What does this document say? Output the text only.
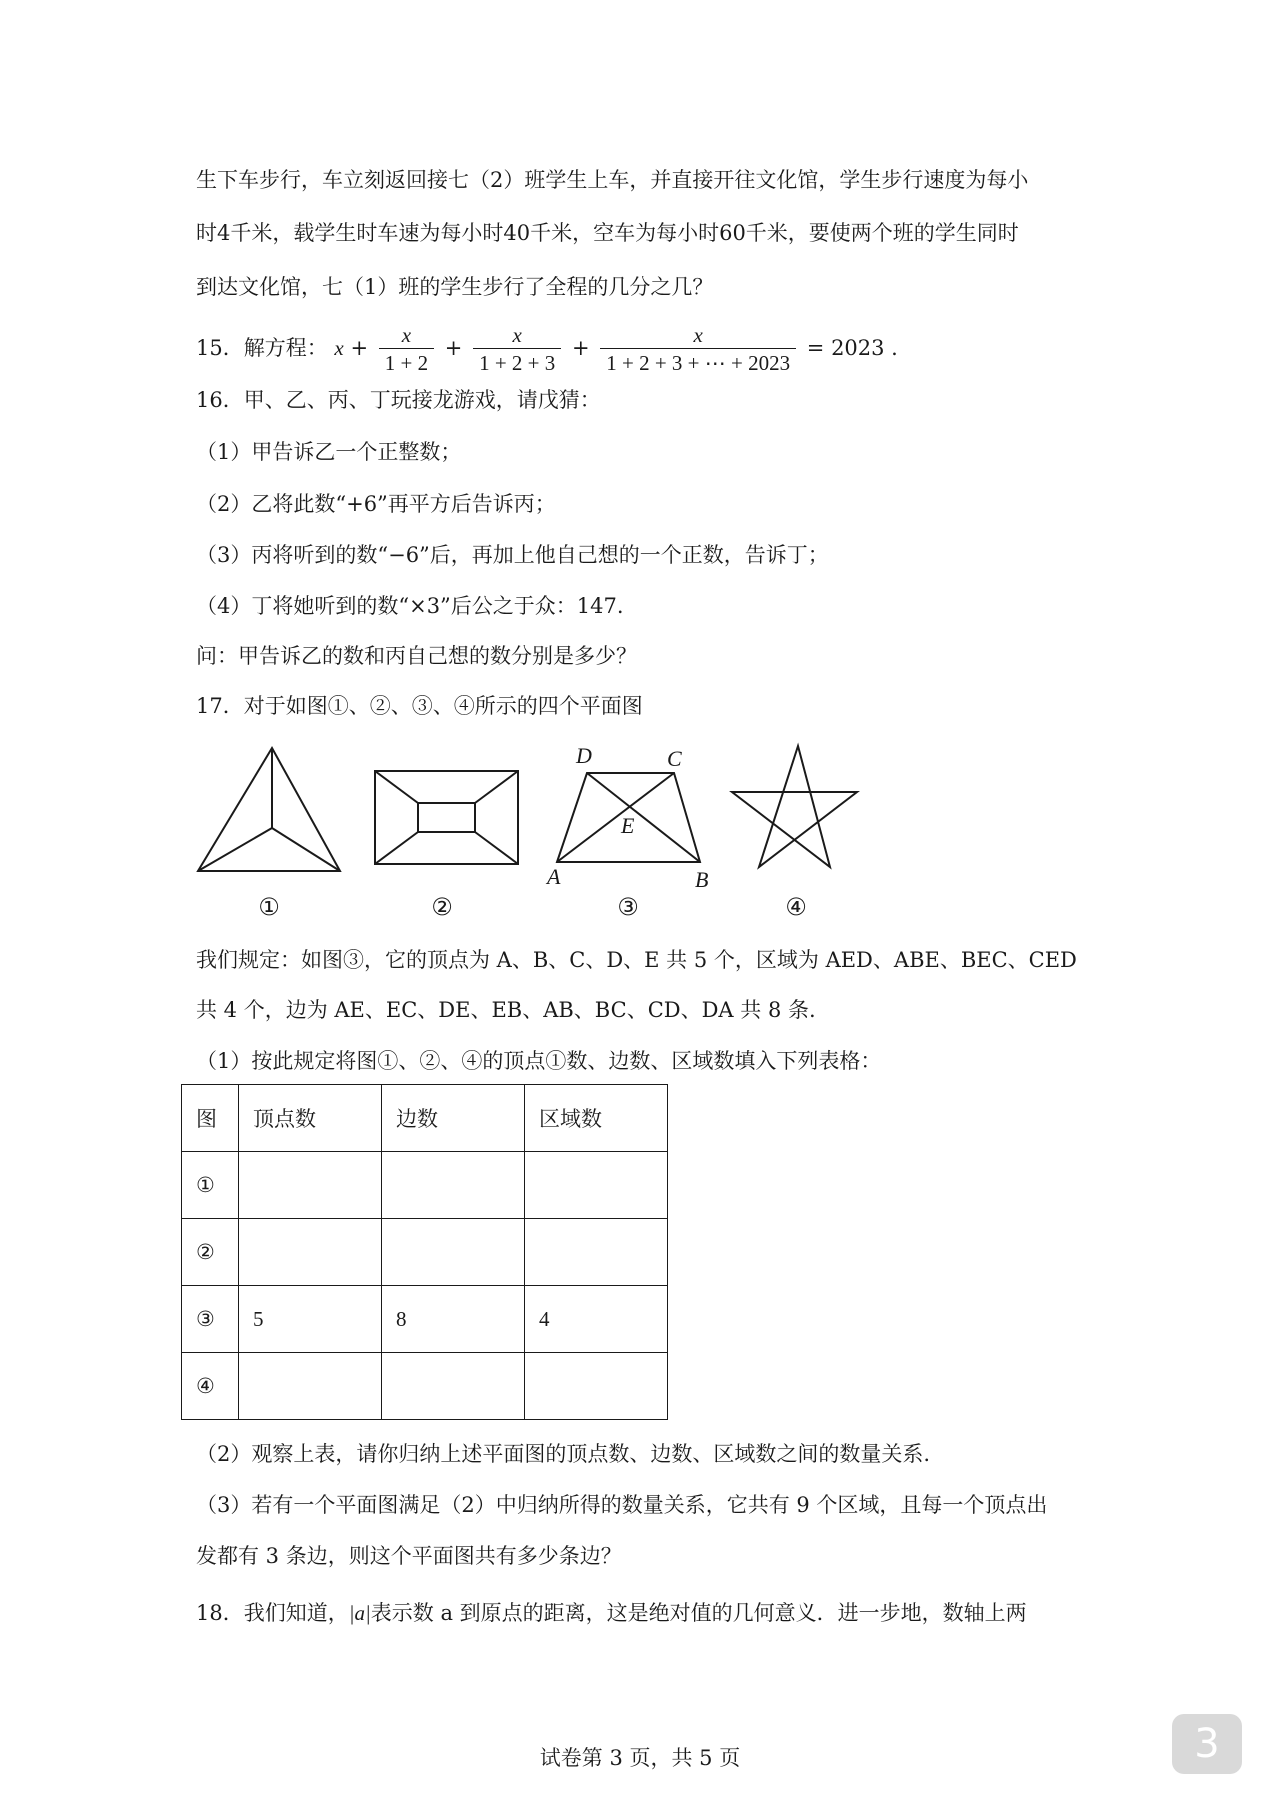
生下车步行，车立刻返回接七（2）班学生上车，并直接开往文化馆，学生步行速度为每小
时4千米，载学生时车速为每小时40千米，空车为每小时60千米，要使两个班的学生同时
到达文化馆，七（1）班的学生步行了全程的几分之几？
15．解方程： $x + \frac{x}{1 + 2} + \frac{x}{1 + 2 + 3} + \frac{x}{1 + 2 + 3 + \cdots + 2023} = 2023$ .
16．甲、乙、丙、丁玩接龙游戏，请戊猜：
（1）甲告诉乙一个正整数；
（2）乙将此数“+6”再平方后告诉丙；
（3）丙将听到的数“−6”后，再加上他自己想的一个正数，告诉丁；
（4）丁将她听到的数“×3”后公之于众：147.
问：甲告诉乙的数和丙自己想的数分别是多少？
17．对于如图①、②、③、④所示的四个平面图
D	C
E
A	B
①	②	③	④
我们规定：如图③，它的顶点为 A、B、C、D、E 共 5 个，区域为 AED、ABE、BEC、CED
共 4 个，边为 AE、EC、DE、EB、AB、BC、CD、DA 共 8 条.
（1）按此规定将图①、②、④的顶点①数、边数、区域数填入下列表格：
图	顶点数	边数	区域数
①			
②			
③	5	8	4
④			
（2）观察上表，请你归纳上述平面图的顶点数、边数、区域数之间的数量关系.
（3）若有一个平面图满足（2）中归纳所得的数量关系，它共有 9 个区域，且每一个顶点出
发都有 3 条边，则这个平面图共有多少条边？
18．我们知道，|a|表示数 a 到原点的距离，这是绝对值的几何意义．进一步地，数轴上两
试卷第 3 页，共 5 页	3
